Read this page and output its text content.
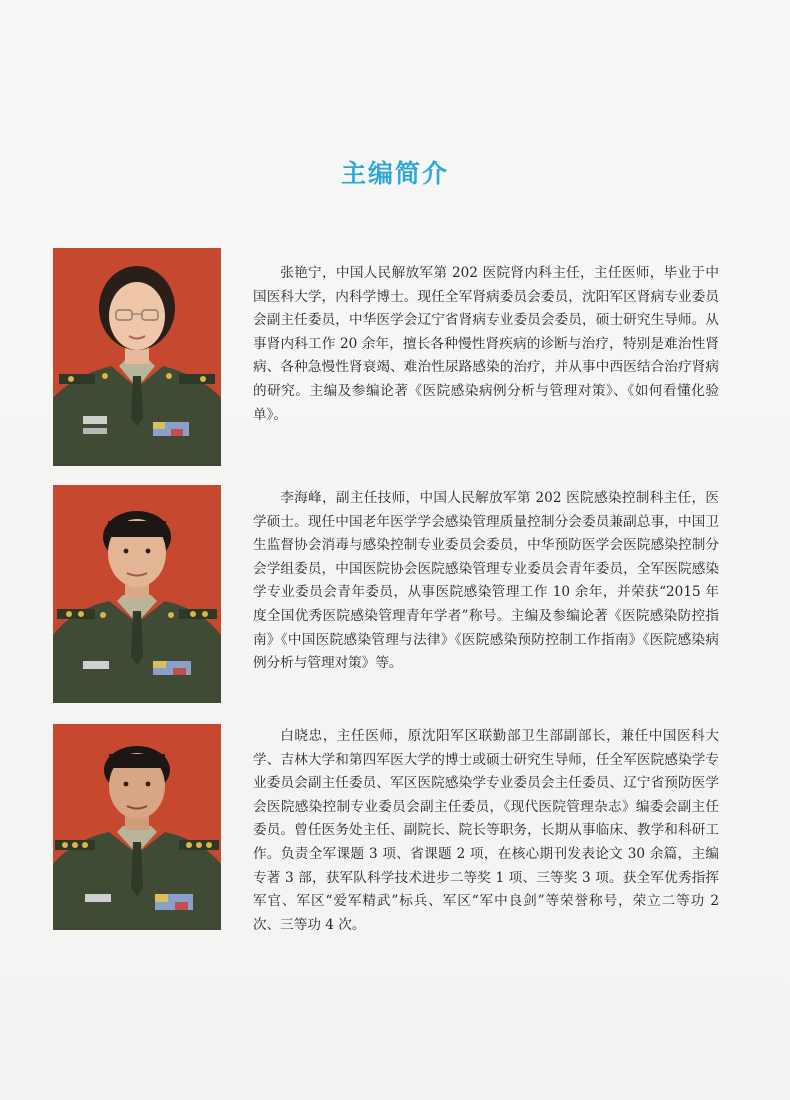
主编简介

张艳宁，中国人民解放军第 202 医院肾内科主任，主任医师，毕业于中国医科大学，内科学博士。现任全军肾病委员会委员，沈阳军区肾病专业委员会副主任委员，中华医学会辽宁省肾病专业委员会委员，硕士研究生导师。从事肾内科工作 20 余年，擅长各种慢性肾疾病的诊断与治疗，特别是难治性肾病、各种急慢性肾衰竭、难治性尿路感染的治疗，并从事中西医结合治疗肾病的研究。主编及参编论著《医院感染病例分析与管理对策》、《如何看懂化验单》。

李海峰，副主任技师，中国人民解放军第 202 医院感染控制科主任，医学硕士。现任中国老年医学学会感染管理质量控制分会委员兼副总事，中国卫生监督协会消毒与感染控制专业委员会委员，中华预防医学会医院感染控制分会学组委员，中国医院协会医院感染管理专业委员会青年委员，全军医院感染学专业委员会青年委员，从事医院感染管理工作 10 余年，并荣获“2015 年度全国优秀医院感染管理青年学者”称号。主编及参编论著《医院感染防控指南》《中国医院感染管理与法律》《医院感染预防控制工作指南》《医院感染病例分析与管理对策》等。

白晓忠，主任医师，原沈阳军区联勤部卫生部副部长，兼任中国医科大学、吉林大学和第四军医大学的博士或硕士研究生导师，任全军医院感染学专业委员会副主任委员、军区医院感染学专业委员会主任委员、辽宁省预防医学会医院感染控制专业委员会副主任委员，《现代医院管理杂志》编委会副主任委员。曾任医务处主任、副院长、院长等职务，长期从事临床、教学和科研工作。负责全军课题 3 项、省课题 2 项，在核心期刊发表论文 30 余篇，主编专著 3 部，获军队科学技术进步二等奖 1 项、三等奖 3 项。获全军优秀指挥军官、军区“爱军精武”标兵、军区“军中良剑”等荣誉称号，荣立二等功 2 次、三等功 4 次。
